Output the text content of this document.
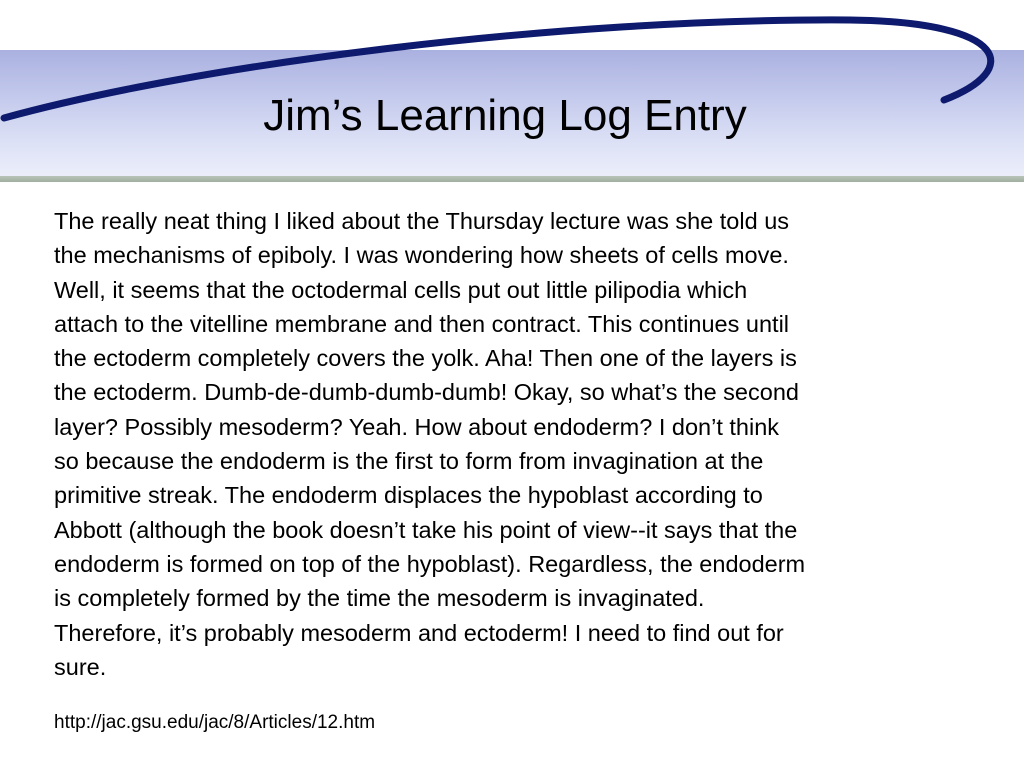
Jim’s Learning Log Entry

The really neat thing I liked about the Thursday lecture was she told us
the mechanisms of epiboly. I was wondering how sheets of cells move.
Well, it seems that the octodermal cells put out little pilipodia which
attach to the vitelline membrane and then contract. This continues until
the ectoderm completely covers the yolk. Aha! Then one of the layers is
the ectoderm. Dumb-de-dumb-dumb-dumb! Okay, so what’s the second
layer? Possibly mesoderm? Yeah. How about endoderm? I don’t think
so because the endoderm is the first to form from invagination at the
primitive streak. The endoderm displaces the hypoblast according to
Abbott (although the book doesn’t take his point of view--it says that the
endoderm is formed on top of the hypoblast). Regardless, the endoderm
is completely formed by the time the mesoderm is invaginated.
Therefore, it’s probably mesoderm and ectoderm! I need to find out for
sure.

http://jac.gsu.edu/jac/8/Articles/12.htm
